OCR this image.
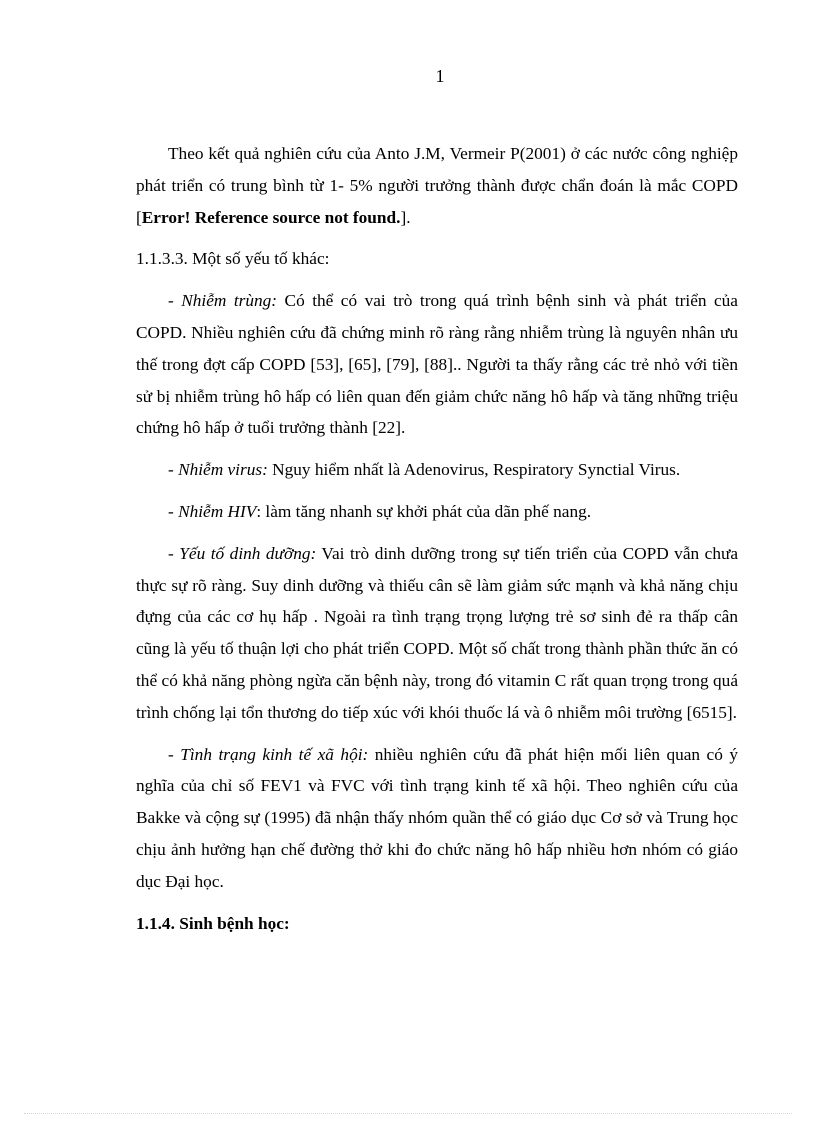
1

Theo kết quả nghiên cứu của Anto J.M, Vermeir P(2001) ở các nước công nghiệp phát triển có trung bình từ 1- 5% người trưởng thành được chẩn đoán là mắc COPD [Error! Reference source not found.].

1.1.3.3. Một số yếu tố khác:

- Nhiễm trùng: Có thể có vai trò trong quá trình bệnh sinh và phát triển của COPD. Nhiều nghiên cứu đã chứng minh rõ ràng rằng nhiễm trùng là nguyên nhân ưu thế trong đợt cấp COPD [53], [65], [79], [88].. Người ta thấy rằng các trẻ nhỏ với tiền sử bị nhiễm trùng hô hấp có liên quan đến giảm chức năng hô hấp và tăng những triệu chứng hô hấp ở tuổi trưởng thành [22].

- Nhiễm virus: Nguy hiểm nhất là Adenovirus, Respiratory Synctial Virus.

- Nhiễm HIV: làm tăng nhanh sự khởi phát của dãn phế nang.

- Yếu tố dinh dưỡng: Vai trò dinh dưỡng trong sự tiến triển của COPD vẫn chưa thực sự rõ ràng. Suy dinh dưỡng và thiếu cân sẽ làm giảm sức mạnh và khả năng chịu đựng của các cơ hụ hấp . Ngoài ra tình trạng trọng lượng trẻ sơ sinh đẻ ra thấp cân cũng là yếu tố thuận lợi cho phát triển COPD. Một số chất trong thành phần thức ăn có thể có khả năng phòng ngừa căn bệnh này, trong đó vitamin C rất quan trọng trong quá trình chống lại tổn thương do tiếp xúc với khói thuốc lá và ô nhiễm môi trường [6515].

- Tình trạng kinh tế xã hội: nhiều nghiên cứu đã phát hiện mối liên quan có ý nghĩa của chỉ số FEV1 và FVC với tình trạng kinh tế xã hội. Theo nghiên cứu của Bakke và cộng sự (1995) đã nhận thấy nhóm quần thể có giáo dục Cơ sở và Trung học chịu ảnh hưởng hạn chế đường thở khi đo chức năng hô hấp nhiều hơn nhóm có giáo dục Đại học.

1.1.4. Sinh bệnh học:
